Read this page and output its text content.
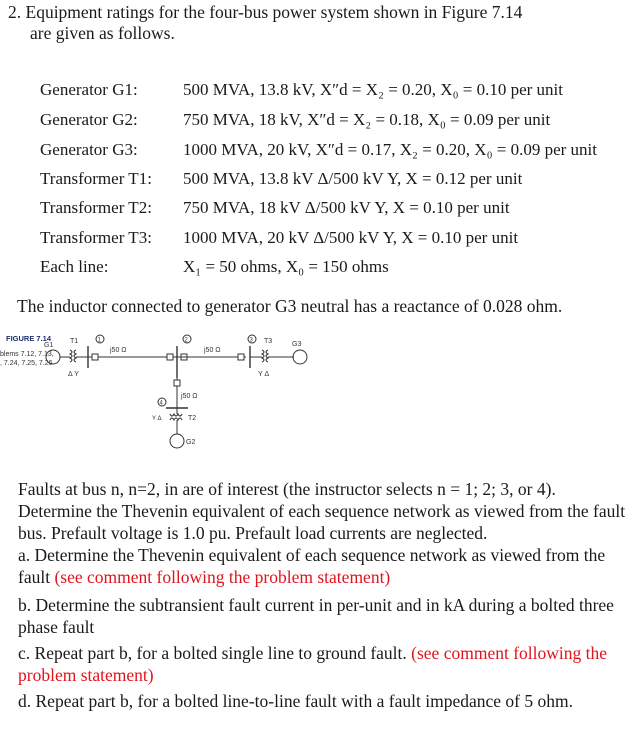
2. Equipment ratings for the four-bus power system shown in Figure 7.14
are given as follows.
Generator G1:	500 MVA, 13.8 kV, X″d = X₂ = 0.20, X₀ = 0.10 per unit
Generator G2:	750 MVA, 18 kV, X″d = X₂ = 0.18, X₀ = 0.09 per unit
Generator G3:	1000 MVA, 20 kV, X″d = 0.17, X₂ = 0.20, X₀ = 0.09 per unit
Transformer T1: 500 MVA, 13.8 kV Δ/500 kV Y, X = 0.12 per unit
Transformer T2: 750 MVA, 18 kV Δ/500 kV Y, X = 0.10 per unit
Transformer T3: 1000 MVA, 20 kV Δ/500 kV Y, X = 0.10 per unit
Each line:	X₁ = 50 ohms, X₀ = 150 ohms
The inductor connected to generator G3 neutral has a reactance of 0.028 ohm.
FIGURE 7.14
blems 7.12, 7.13,
, 7.24, 7.25, 7.26
G1
T1	1	2	3
4
T3	G3
j50 Ω	j50 Ω
j50 Ω
Δ Y	Y Δ
T2
G2
Y Δ
Faults at bus n, n=2, in are of interest (the instructor selects n = 1; 2; 3, or 4). Determine the Thevenin equivalent of each sequence network as viewed from the fault bus. Prefault voltage is 1.0 pu. Prefault load currents are neglected.
a. Determine the Thevenin equivalent of each sequence network as viewed from the fault (see comment following the problem statement)
b. Determine the subtransient fault current in per-unit and in kA during a bolted three phase fault
c. Repeat part b, for a bolted single line to ground fault. (see comment following the problem statement)
d. Repeat part b, for a bolted line-to-line fault with a fault impedance of 5 ohm.
